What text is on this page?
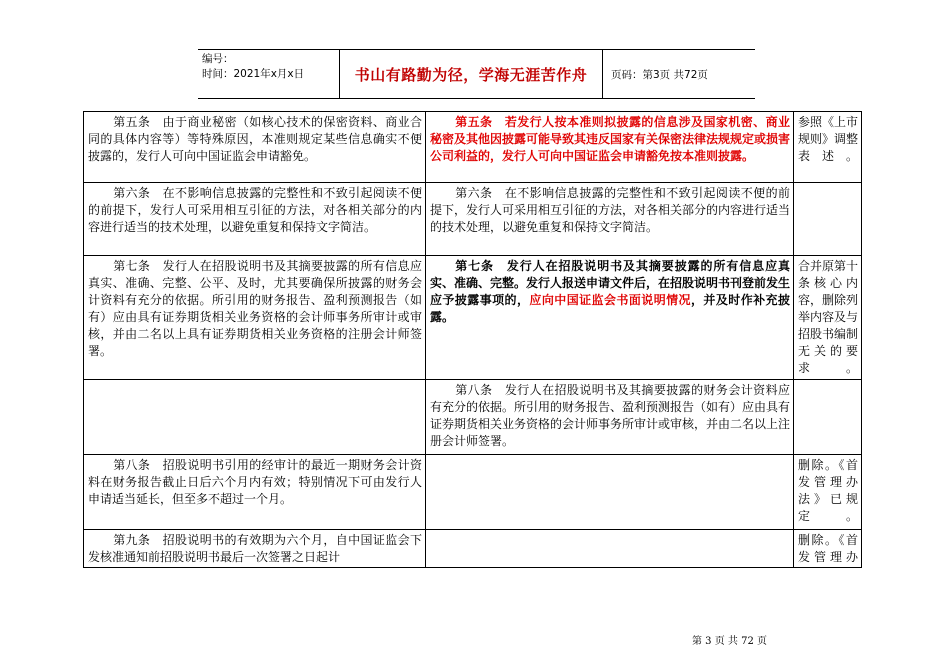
编号：
时间：2021年x月x日	书山有路勤为径，学海无涯苦作舟 页码：第3页 共72页
第五条　由于商业秘密（如核心技术的保密资料、商业合同的具体内容等）等特殊原因，本准则规定某些信息确实不便披露的，发行人可向中国证监会申请豁免。	第五条　若发行人按本准则拟披露的信息涉及国家机密、商业秘密及其他因披露可能导致其违反国家有关保密法律法规规定或损害公司利益的，发行人可向中国证监会申请豁免按本准则披露。	参照《上市规则》调整表述。

第六条　在不影响信息披露的完整性和不致引起阅读不便的前提下，发行人可采用相互引征的方法，对各相关部分的内容进行适当的技术处理，以避免重复和保持文字简洁。	第六条　在不影响信息披露的完整性和不致引起阅读不便的前提下，发行人可采用相互引征的方法，对各相关部分的内容进行适当的技术处理，以避免重复和保持文字简洁。	

第七条　发行人在招股说明书及其摘要披露的所有信息应真实、准确、完整、公平、及时，尤其要确保所披露的财务会计资料有充分的依据。所引用的财务报告、盈利预测报告（如有）应由具有证券期货相关业务资格的会计师事务所审计或审核，并由二名以上具有证券期货相关业务资格的注册会计师签署。	第七条　发行人在招股说明书及其摘要披露的所有信息应真实、准确、完整。发行人报送申请文件后，在招股说明书刊登前发生应予披露事项的，应向中国证监会书面说明情况，并及时作补充披露。	合并原第十条核心内容，删除列举内容及与招股书编制无关的要求。

	第八条　发行人在招股说明书及其摘要披露的财务会计资料应有充分的依据。所引用的财务报告、盈利预测报告（如有）应由具有证券期货相关业务资格的会计师事务所审计或审核，并由二名以上注册会计师签署。	

第八条　招股说明书引用的经审计的最近一期财务会计资料在财务报告截止日后六个月内有效；特别情况下可由发行人申请适当延长，但至多不超过一个月。		删除。《首发管理办法》已规定。

第九条　招股说明书的有效期为六个月，自中国证监会下发核准通知前招股说明书最后一次签署之日起计		删除。《首发管理办
第 3 页 共 72 页
